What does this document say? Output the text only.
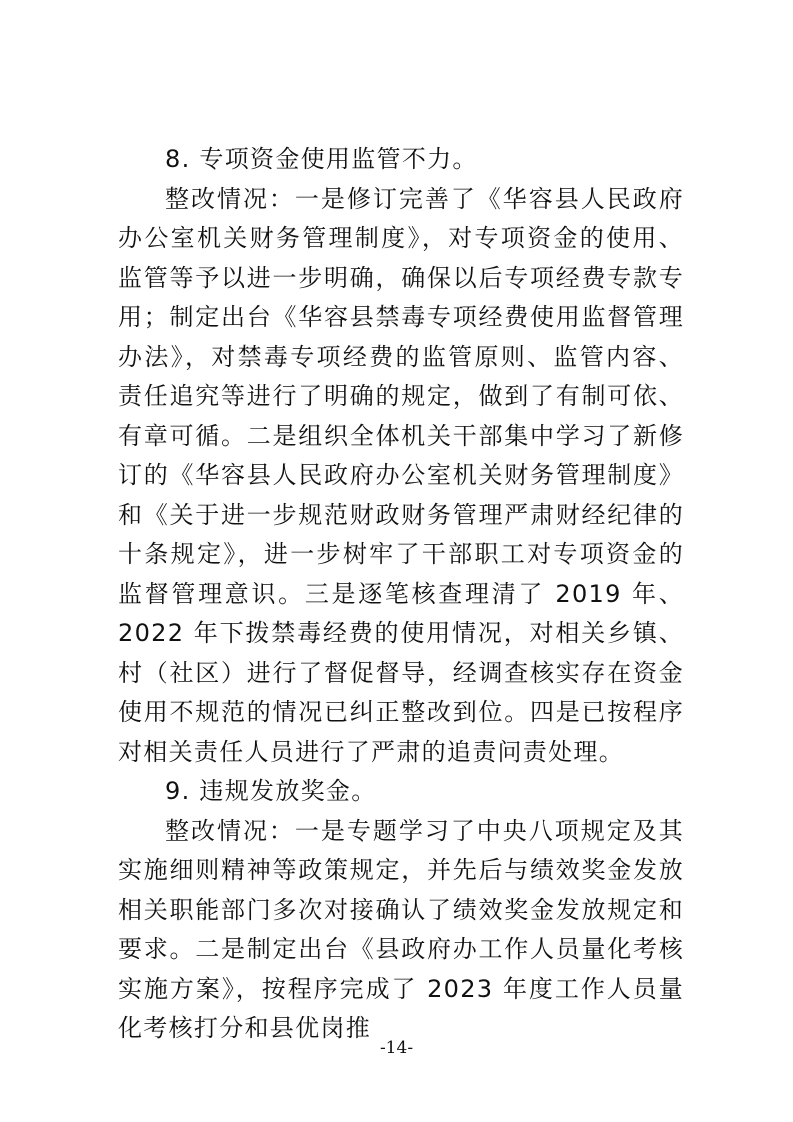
8. 专项资金使用监管不力。

整改情况：一是修订完善了《华容县人民政府办公室机关财务管理制度》，对专项资金的使用、监管等予以进一步明确，确保以后专项经费专款专用；制定出台《华容县禁毒专项经费使用监督管理办法》，对禁毒专项经费的监管原则、监管内容、责任追究等进行了明确的规定，做到了有制可依、有章可循。二是组织全体机关干部集中学习了新修订的《华容县人民政府办公室机关财务管理制度》和《关于进一步规范财政财务管理严肃财经纪律的十条规定》，进一步树牢了干部职工对专项资金的监督管理意识。三是逐笔核查理清了 2019 年、2022 年下拨禁毒经费的使用情况，对相关乡镇、村（社区）进行了督促督导，经调查核实存在资金使用不规范的情况已纠正整改到位。四是已按程序对相关责任人员进行了严肃的追责问责处理。

9. 违规发放奖金。

整改情况：一是专题学习了中央八项规定及其实施细则精神等政策规定，并先后与绩效奖金发放相关职能部门多次对接确认了绩效奖金发放规定和要求。二是制定出台《县政府办工作人员量化考核实施方案》，按程序完成了 2023 年度工作人员量化考核打分和县优岗推

-14-
